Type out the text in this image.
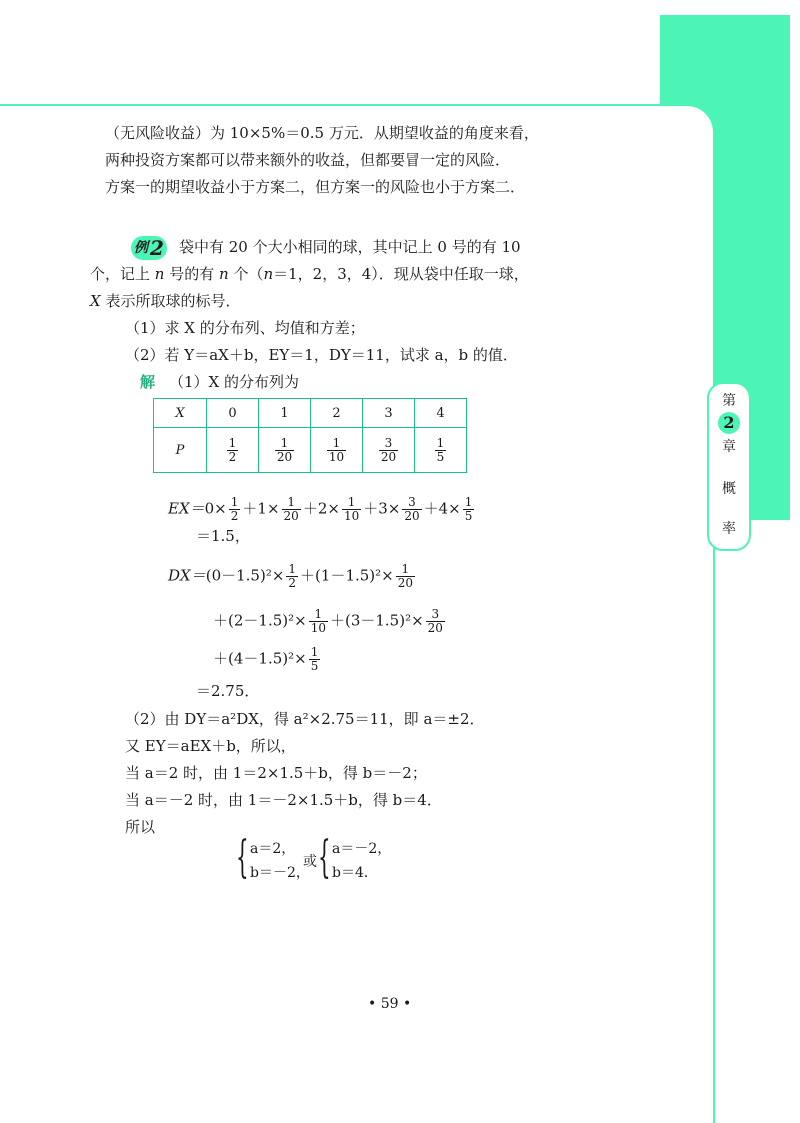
（无风险收益）为 10×5%＝0.5 万元．从期望收益的角度来看，
两种投资方案都可以带来额外的收益，但都要冒一定的风险．
方案一的期望收益小于方案二，但方案一的风险也小于方案二．
例 2 袋中有 20 个大小相同的球，其中记上 0 号的有 10
个，记上 n 号的有 n 个（n＝1，2，3，4）．现从袋中任取一球，
X 表示所取球的标号．
（1）求 X 的分布列、均值和方差；
（2）若 Y＝aX＋b，EY＝1，DY＝11，试求 a，b 的值．
解 （1）X 的分布列为
X	0	1	2	3	4
P	$\frac{1}{2}$	$\frac{1}{20}$	$\frac{1}{10}$	$\frac{3}{20}$	$\frac{1}{5}$
$EX=0\times \frac{1}{2} +1\times \frac{1}{20} +2\times \frac{1}{10} +3\times \frac{3}{20} +4\times \frac{1}{5}$
＝1.5，
$DX=(0-1.5)^2\times \frac{1}{2} +(1-1.5)^2\times \frac{1}{20}$
$+(2-1.5)^2\times \frac{1}{10} +(3-1.5)^2\times \frac{3}{20}$
$+(4-1.5)^2\times \frac{1}{5}$
＝2.75．
（2）由 DY＝a²DX，得 a²×2.75＝11，即 a＝±2．
又 EY＝aEX＋b，所以，
当 a＝2 时，由 1＝2×1.5＋b，得 b＝－2；
当 a＝－2 时，由 1＝－2×1.5＋b，得 b＝4．
所以
{ a＝2，
b＝－2，
或 { a＝－2，
b＝4．
第
2
章
概
率
• 59 •
